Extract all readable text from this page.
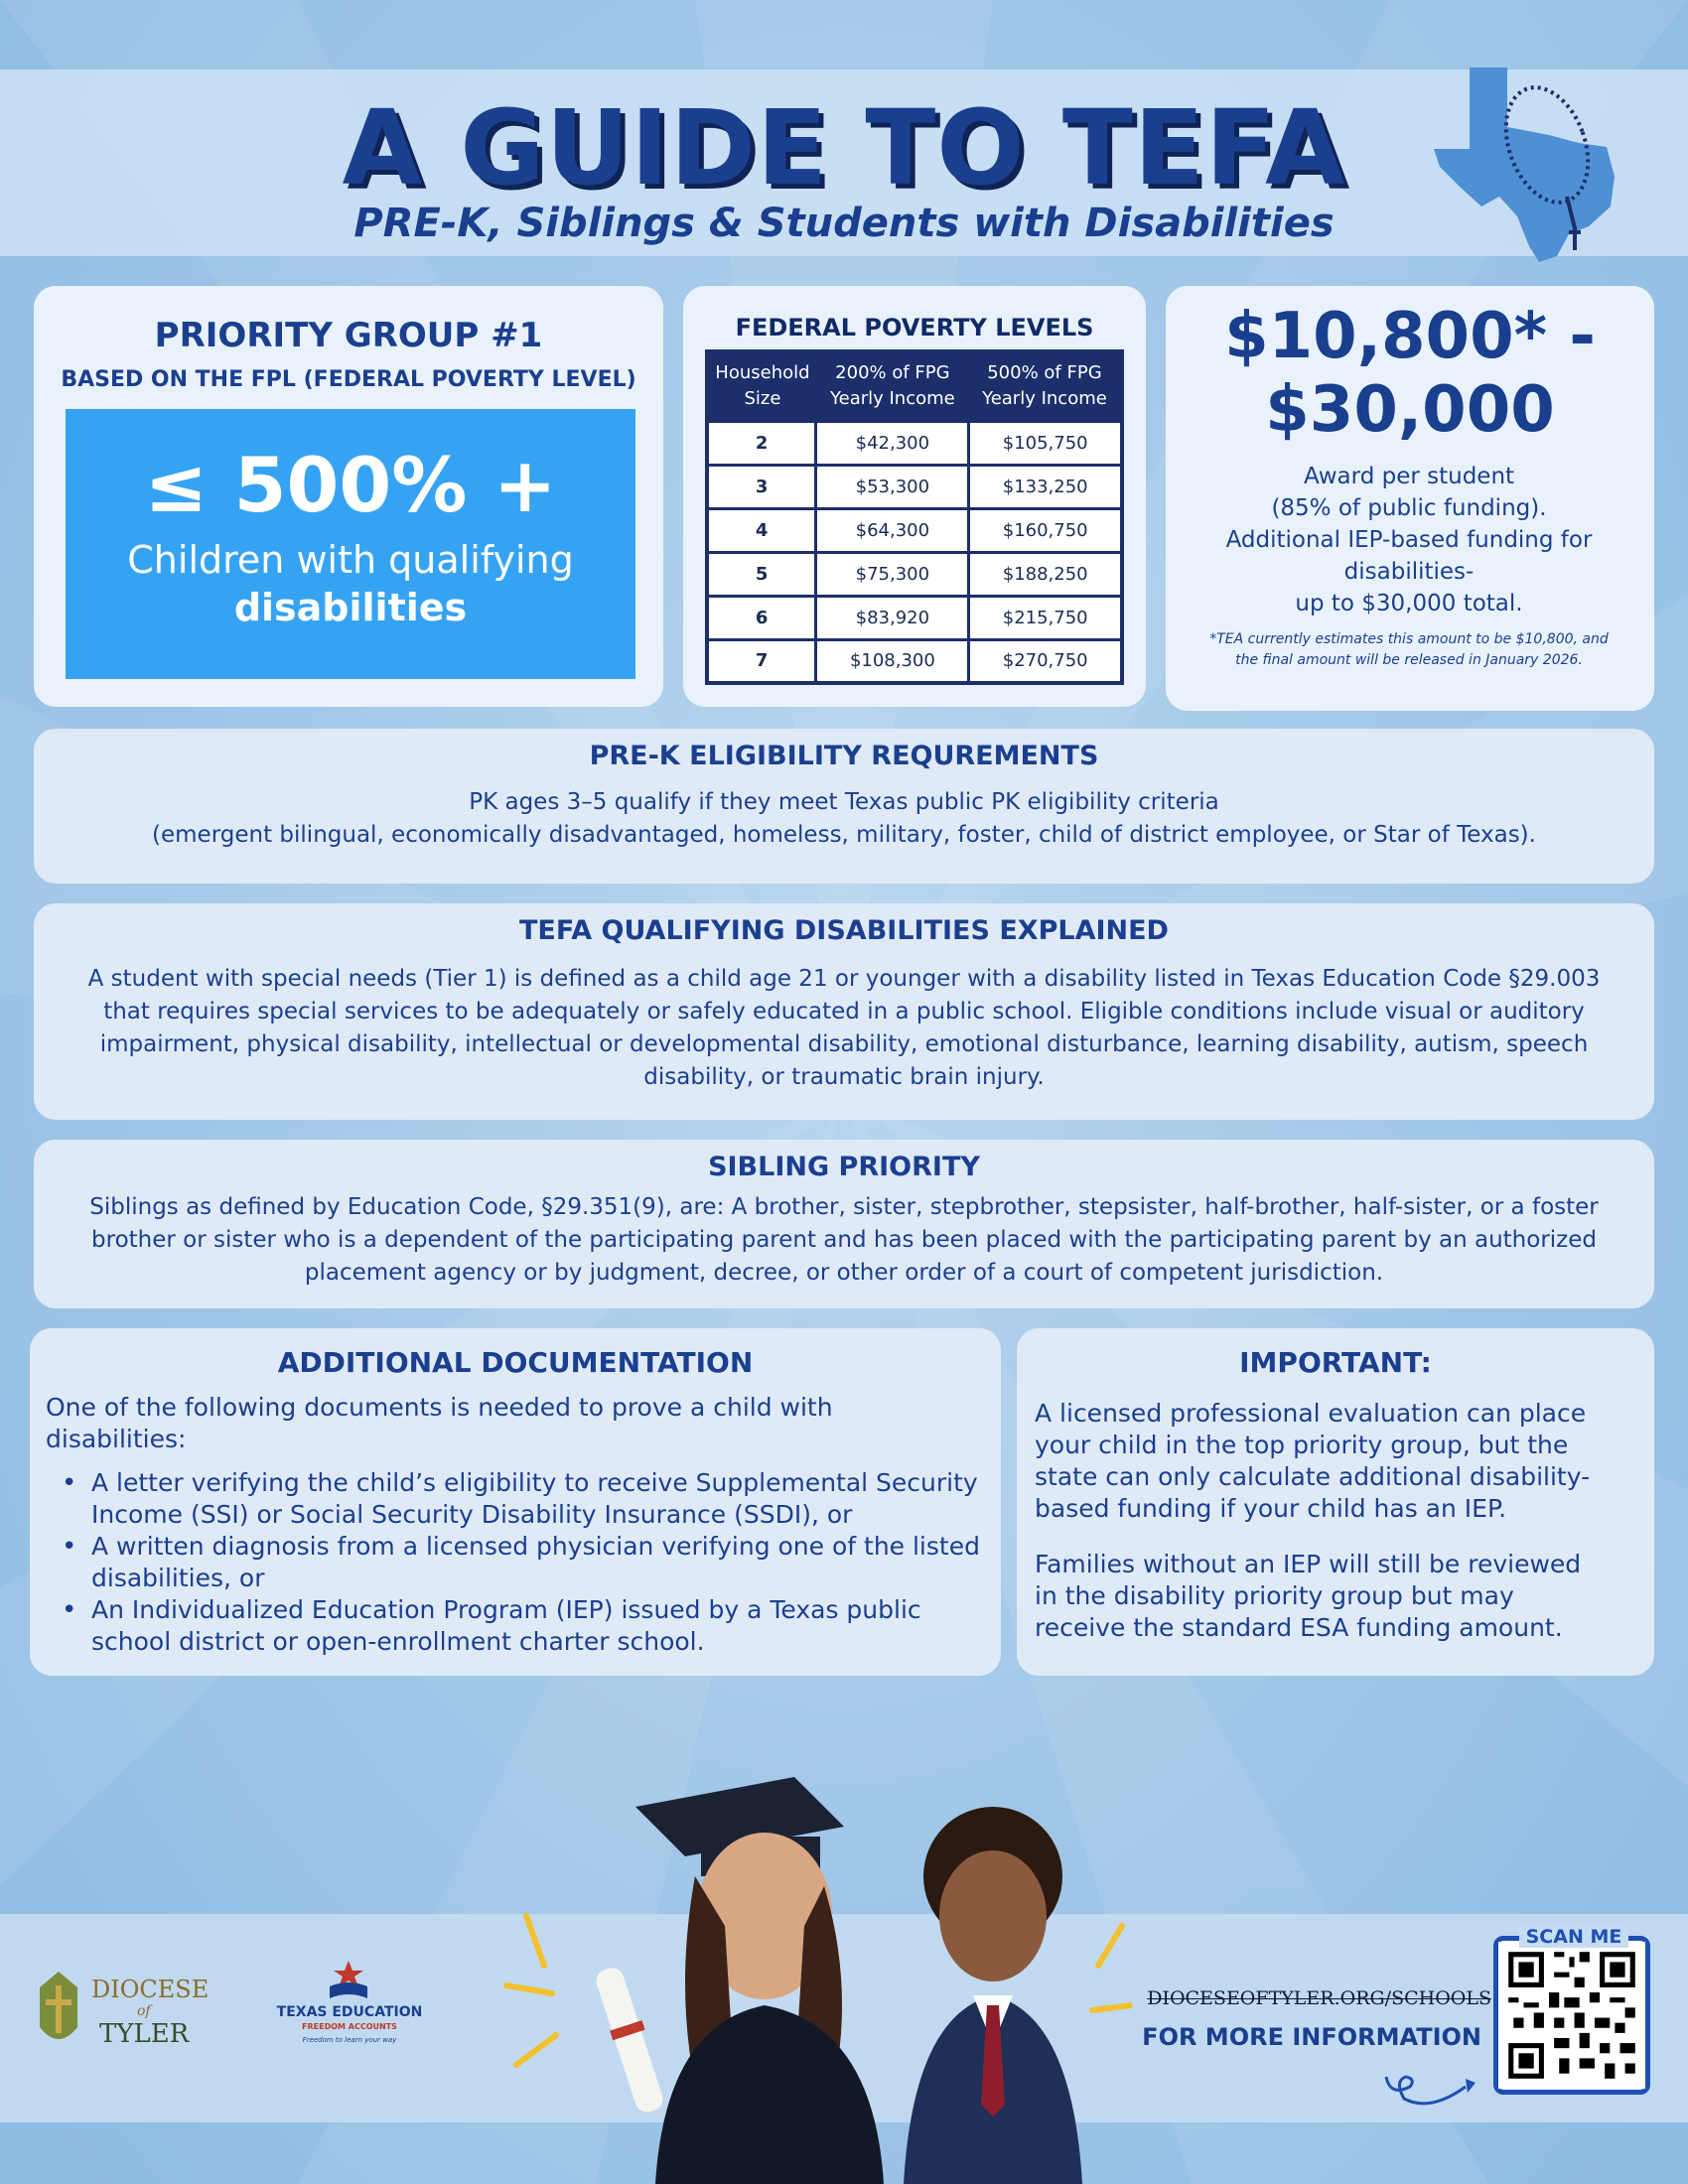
A GUIDE TO TEFA
PRE-K, Siblings & Students with Disabilities
PRIORITY GROUP #1
BASED ON THE FPL (FEDERAL POVERTY LEVEL)
≤ 500% +
Children with qualifying
disabilities
FEDERAL POVERTY LEVELS
Household Size	200% of FPG Yearly Income	500% of FPG Yearly Income
2	$42,300	$105,750
3	$53,300	$133,250
4	$64,300	$160,750
5	$75,300	$188,250
6	$83,920	$215,750
7	$108,300	$270,750
$10,800* -
$30,000
Award per student
(85% of public funding).
Additional IEP-based funding for
disabilities-
up to $30,000 total.
*TEA currently estimates this amount to be $10,800, and the final amount will be released in January 2026.
PRE-K ELIGIBILITY REQUREMENTS
PK ages 3–5 qualify if they meet Texas public PK eligibility criteria
(emergent bilingual, economically disadvantaged, homeless, military, foster, child of district employee, or Star of Texas).
TEFA QUALIFYING DISABILITIES EXPLAINED
A student with special needs (Tier 1) is defined as a child age 21 or younger with a disability listed in Texas Education Code §29.003 that requires special services to be adequately or safely educated in a public school. Eligible conditions include visual or auditory impairment, physical disability, intellectual or developmental disability, emotional disturbance, learning disability, autism, speech disability, or traumatic brain injury.
SIBLING PRIORITY
Siblings as defined by Education Code, §29.351(9), are: A brother, sister, stepbrother, stepsister, half-brother, half-sister, or a foster brother or sister who is a dependent of the participating parent and has been placed with the participating parent by an authorized placement agency or by judgment, decree, or other order of a court of competent jurisdiction.
ADDITIONAL DOCUMENTATION
One of the following documents is needed to prove a child with disabilities:
• A letter verifying the child’s eligibility to receive Supplemental Security Income (SSI) or Social Security Disability Insurance (SSDI), or
• A written diagnosis from a licensed physician verifying one of the listed disabilities, or
• An Individualized Education Program (IEP) issued by a Texas public school district or open-enrollment charter school.
IMPORTANT:
A licensed professional evaluation can place your child in the top priority group, but the state can only calculate additional disability-based funding if your child has an IEP.
Families without an IEP will still be reviewed in the disability priority group but may receive the standard ESA funding amount.
DIOCESE
of
TYLER
TEXAS EDUCATION
FREEDOM ACCOUNTS
Freedom to learn your way
DIOCESEOFTYLER.ORG/SCHOOLS
FOR MORE INFORMATION
SCAN ME
